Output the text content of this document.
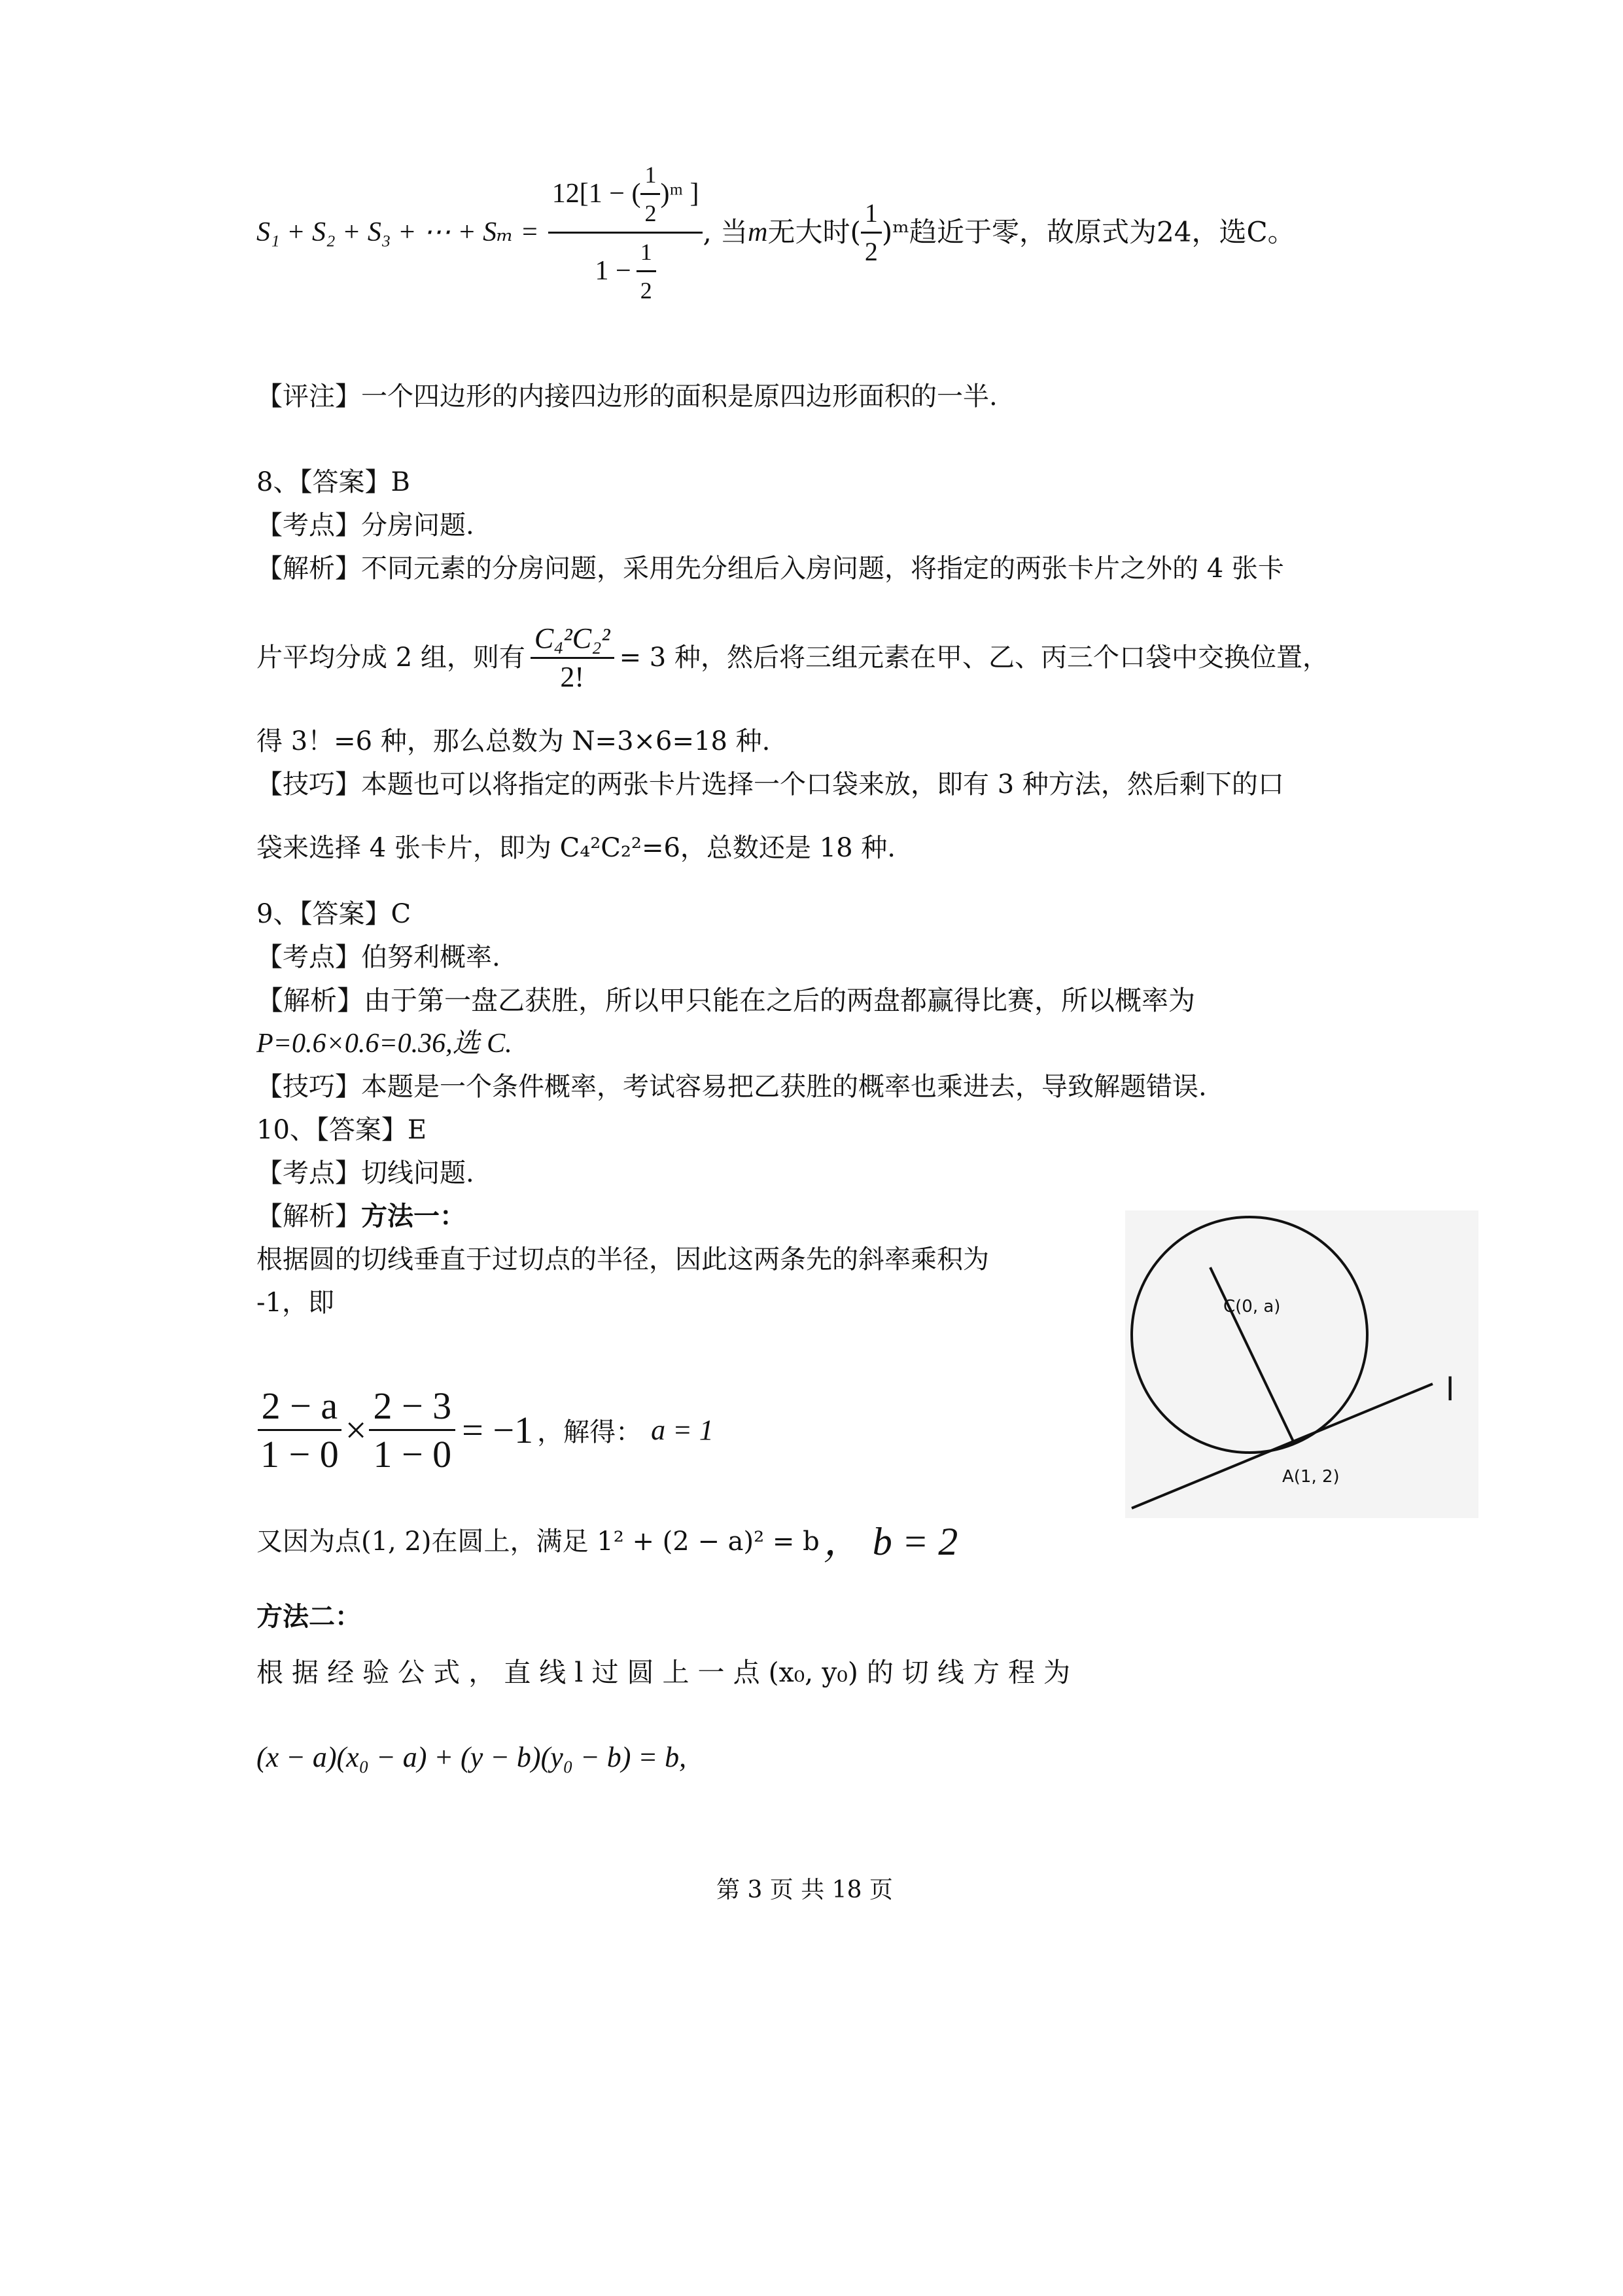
S₁ + S₂ + S₃ + ⋯ + $S_m = \frac{12[1 - ( \frac{1}{2} )ᵐ ]}{1 - \frac{1}{2}}$ , 当 m 无大时( $\frac{1}{2}$ )ᵐ趋近于零，故原式为24，选C。
【评注】一个四边形的内接四边形的面积是原四边形面积的一半.
8、【答案】B
【考点】分房问题.
【解析】不同元素的分房问题，采用先分组后入房问题，将指定的两张卡片之外的 4 张卡
片平均分成 2 组，则有 $\frac{\text{C₄²C₂²}}{2!} = 3$ 种，然后将三组元素在甲、乙、丙三个口袋中交换位置，
得 3！=6 种，那么总数为 N=3×6=18 种.
【技巧】本题也可以将指定的两张卡片选择一个口袋来放，即有 3 种方法，然后剩下的口
袋来选择 4 张卡片，即为 C₄²C₂²=6，总数还是 18 种.
9、【答案】C
【考点】伯努利概率.
【解析】由于第一盘乙获胜，所以甲只能在之后的两盘都赢得比赛，所以概率为
P=0.6×0.6=0.36,选 C.
【技巧】本题是一个条件概率，考试容易把乙获胜的概率也乘进去，导致解题错误.
10、【答案】E
【考点】切线问题.
【解析】方法一：
根据圆的切线垂直于过切点的半径，因此这两条先的斜率乘积为
-1，即
$\frac{2 - a}{1 - 0} \times \frac{2 - 3}{1 - 0} = -1$ ，解得： a = 1
又因为点(1, 2)在圆上，满足 1² + (2 − a)² = b ， b = 2
方法二：
根 据 经 验 公 式 ， 直 线 l 过 圆 上 一 点 (x₀, y₀) 的 切 线 方 程 为
(x − a)(x₀ − a) + (y − b)(y₀ − b) = b,
C(0, a)
A(1, 2)
l
第 3 页 共 18 页
